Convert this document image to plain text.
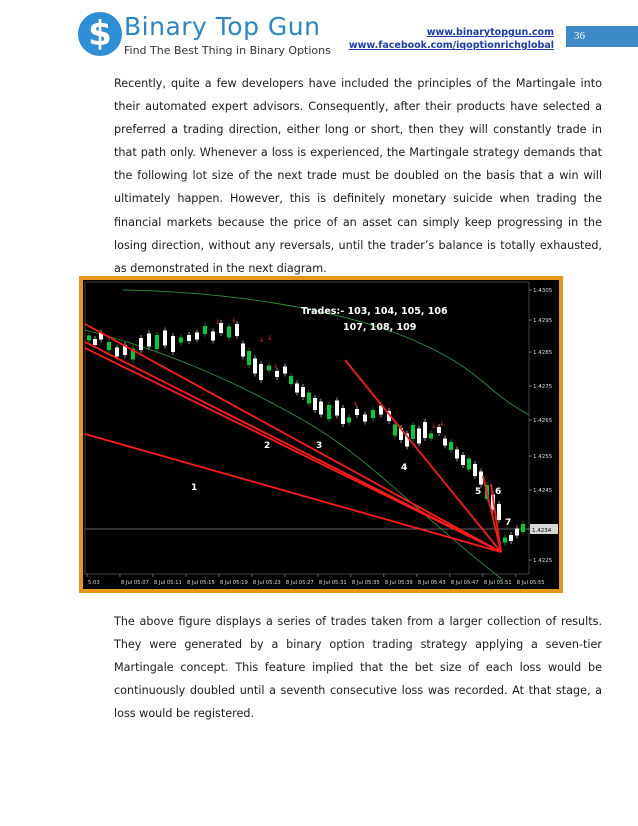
$ Binary Top Gun
Find The Best Thing in Binary Options
www.binarytopgun.com
www.facebook.com/iqoptionrichglobal
36

Recently, quite a few developers have included the principles of the Martingale into their automated expert advisors. Consequently, after their products have selected a preferred a trading direction, either long or short, then they will constantly trade in that path only. Whenever a loss is experienced, the Martingale strategy demands that the following lot size of the next trade must be doubled on the basis that a win will ultimately happen. However, this is definitely monetary suicide when trading the financial markets because the price of an asset can simply keep progressing in the losing direction, without any reversals, until the trader’s balance is totally exhausted, as demonstrated in the next diagram.

1.4305
1.4295
1.4285
1.4275
1.4265
1.4255
1.4245
1.4234
1.4225
5:03	8 Jul 05:07 8 Jul 05:11 8 Jul 05:15 8 Jul 05:19 8 Jul 05:23 8 Jul 05:27 8 Jul 05:31 8 Jul 05:35 8 Jul 05:39 8 Jul 05:43 8 Jul 05:47 8 Jul 05:51 8 Jul 05:55
↓ ↓
↓ ↓
↓
↓
↓ ↓
1
2	3
4
5 6
7
Trades:- 103, 104, 105, 106
107, 108, 109

The above figure displays a series of trades taken from a larger collection of results. They were generated by a binary option trading strategy applying a seven-tier Martingale concept. This feature implied that the bet size of each loss would be continuously doubled until a seventh consecutive loss was recorded. At that stage, a loss would be registered.
